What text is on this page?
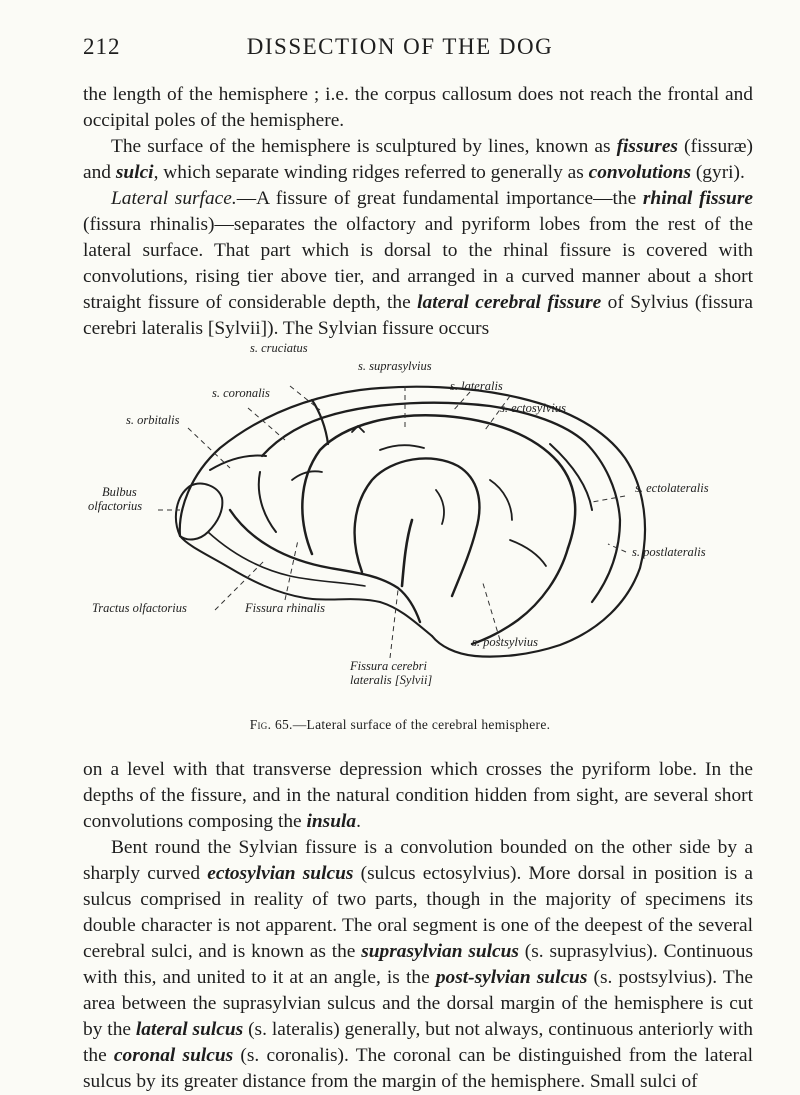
212	DISSECTION OF THE DOG

the length of the hemisphere ; i.e. the corpus callosum does not reach the frontal and occipital poles of the hemisphere.

The surface of the hemisphere is sculptured by lines, known as fissures (fissuræ) and sulci, which separate winding ridges referred to generally as convolutions (gyri).

Lateral surface.—A fissure of great fundamental importance—the rhinal fissure (fissura rhinalis)—separates the olfactory and pyriform lobes from the rest of the lateral surface. That part which is dorsal to the rhinal fissure is covered with convolutions, rising tier above tier, and arranged in a curved manner about a short straight fissure of considerable depth, the lateral cerebral fissure of Sylvius (fissura cerebri lateralis [Sylvii]). The Sylvian fissure occurs

s. cruciatus
s. suprasylvius
s. coronalis	s. lateralis
s. orbitalis
s. ectosylvius
Bulbus
olfactorius
s. ectolateralis
s. postlateralis
Tractus olfactorius	Fissura rhinalis
s. postsylvius
Fissura cerebri
lateralis [Sylvii]
Fig. 65.—Lateral surface of the cerebral hemisphere.

on a level with that transverse depression which crosses the pyriform lobe. In the depths of the fissure, and in the natural condition hidden from sight, are several short convolutions composing the insula.

Bent round the Sylvian fissure is a convolution bounded on the other side by a sharply curved ectosylvian sulcus (sulcus ectosylvius). More dorsal in position is a sulcus comprised in reality of two parts, though in the majority of specimens its double character is not apparent. The oral segment is one of the deepest of the several cerebral sulci, and is known as the suprasylvian sulcus (s. suprasylvius). Continuous with this, and united to it at an angle, is the post-sylvian sulcus (s. postsylvius). The area between the suprasylvian sulcus and the dorsal margin of the hemisphere is cut by the lateral sulcus (s. lateralis) generally, but not always, continuous anteriorly with the coronal sulcus (s. coronalis). The coronal can be distinguished from the lateral sulcus by its greater distance from the margin of the hemisphere. Small sulci of
